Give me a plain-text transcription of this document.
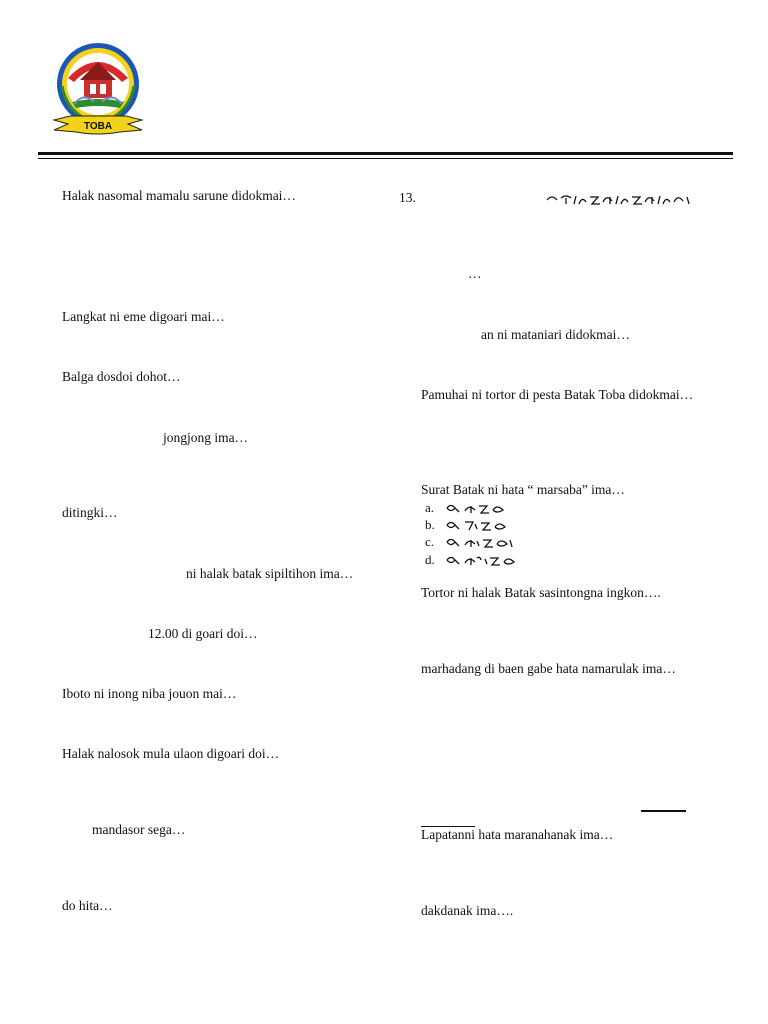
TOBA
Halak nasomal mamalu sarune didokmai…
Langkat ni eme digoari mai…
Balga dosdoi dohot…
jongjong ima…
ditingki…
ni halak batak sipiltihon ima…
12.00 di goari doi…
Iboto ni inong niba jouon mai…
Halak nalosok mula ulaon digoari doi…
mandasor sega…
do hita…
13.
…
an ni mataniari didokmai…
Pamuhai ni tortor di pesta Batak Toba didokmai…
Surat Batak ni hata “ marsaba” ima…
a.
b.
c.
d.
Tortor ni halak Batak sasintongna ingkon….
marhadang di baen gabe hata namarulak ima…
Lapatanni hata maranahanak ima…
dakdanak ima….
